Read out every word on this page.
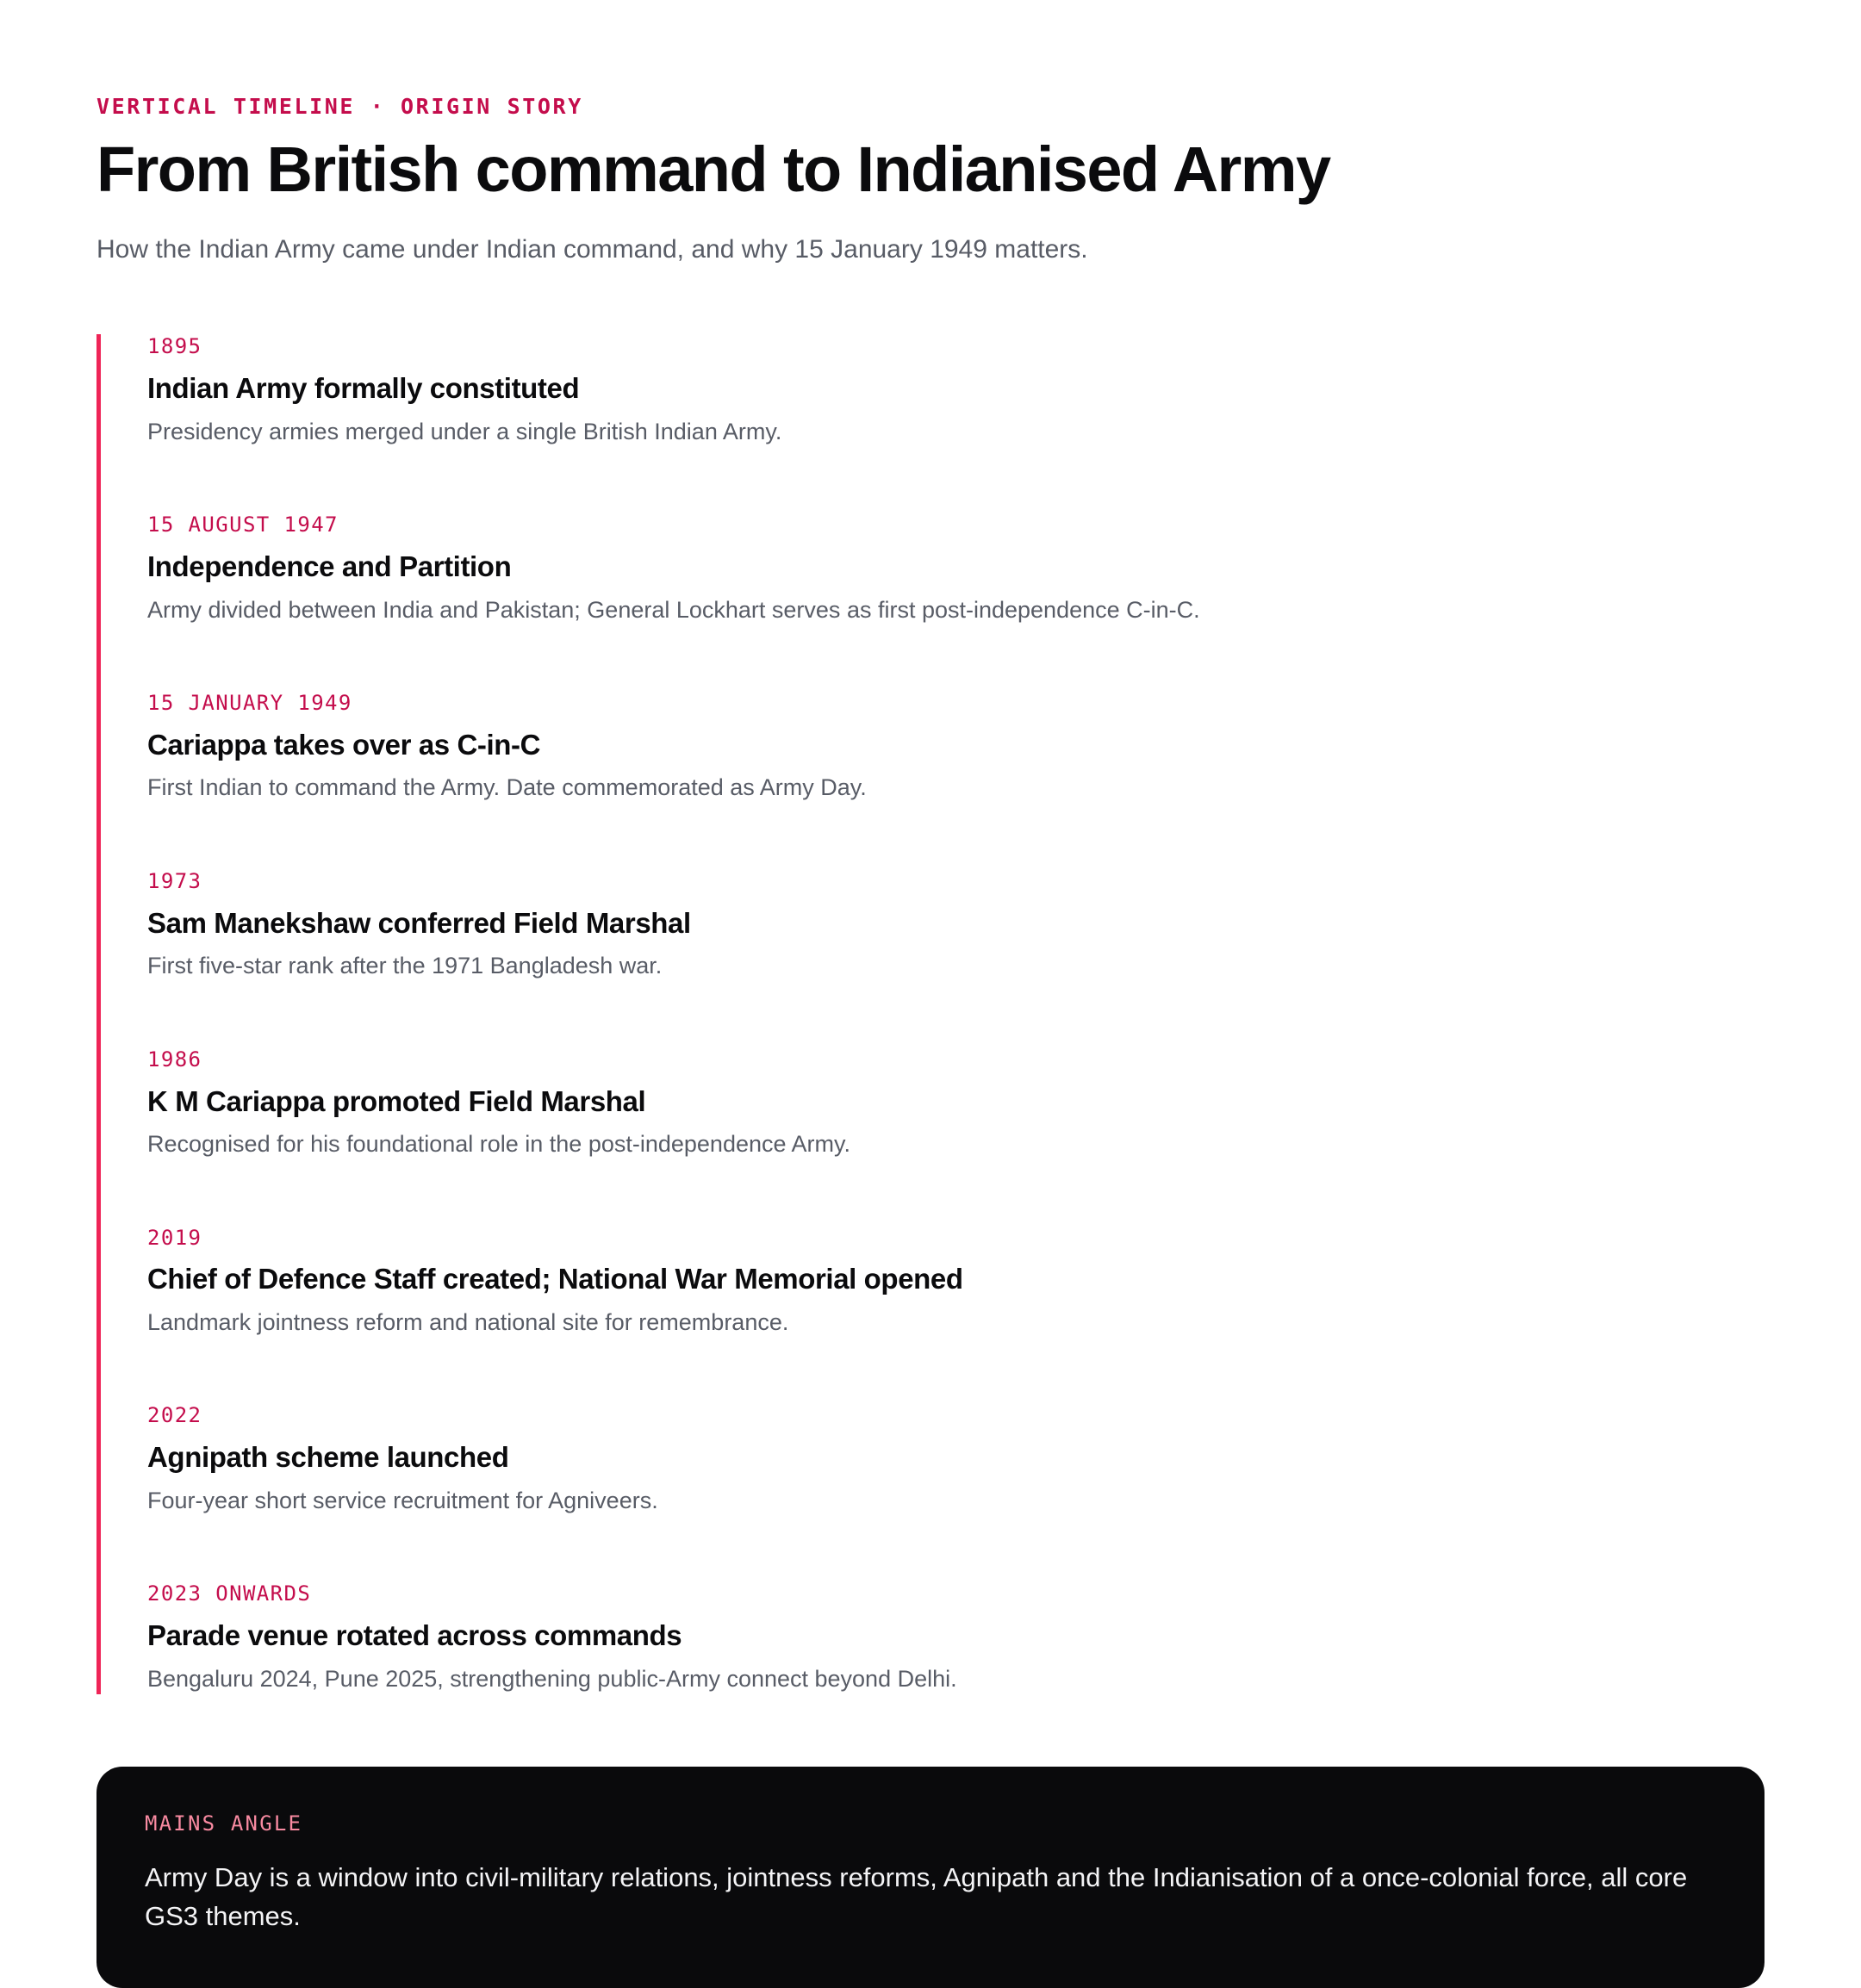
VERTICAL TIMELINE · ORIGIN STORY
From British command to Indianised Army

How the Indian Army came under Indian command, and why 15 January 1949 matters.

1895
Indian Army formally constituted
Presidency armies merged under a single British Indian Army.
15 AUGUST 1947
Independence and Partition
Army divided between India and Pakistan; General Lockhart serves as first post-independence C-in-C.
15 JANUARY 1949
Cariappa takes over as C-in-C
First Indian to command the Army. Date commemorated as Army Day.
1973
Sam Manekshaw conferred Field Marshal
First five-star rank after the 1971 Bangladesh war.
1986
K M Cariappa promoted Field Marshal
Recognised for his foundational role in the post-independence Army.
2019
Chief of Defence Staff created; National War Memorial opened
Landmark jointness reform and national site for remembrance.
2022
Agnipath scheme launched
Four-year short service recruitment for Agniveers.
2023 ONWARDS
Parade venue rotated across commands
Bengaluru 2024, Pune 2025, strengthening public-Army connect beyond Delhi.
MAINS ANGLE

Army Day is a window into civil-military relations, jointness reforms, Agnipath and the Indianisation of a once-colonial force, all core GS3 themes.
